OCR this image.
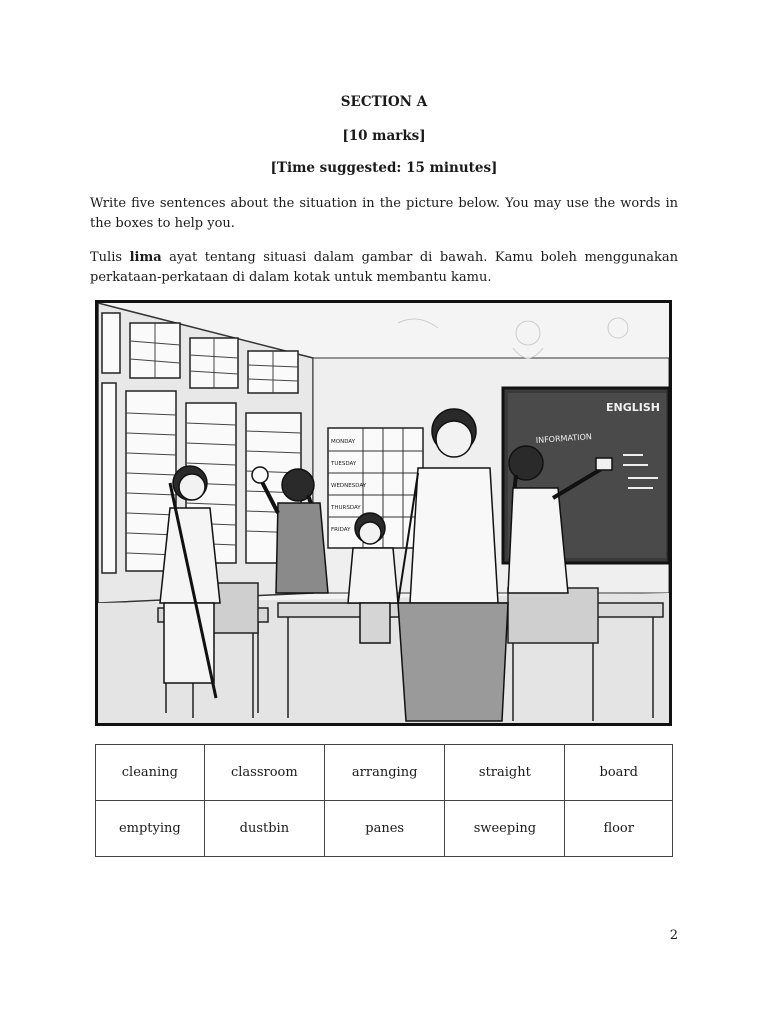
SECTION A
[10 marks]
[Time suggested: 15 minutes]
Write five sentences about the situation in the picture below. You may use the words in the boxes to help you.
Tulis lima ayat tentang situasi dalam gambar di bawah. Kamu boleh menggunakan perkataan-perkataan di dalam kotak untuk membantu kamu.
MONDAY
TUESDAY
WEDNESDAY
THURSDAY
FRIDAY
ENGLISH
INFORMATION
cleaning	classroom	arranging	straight	board
emptying	dustbin	panes	sweeping	floor
2
